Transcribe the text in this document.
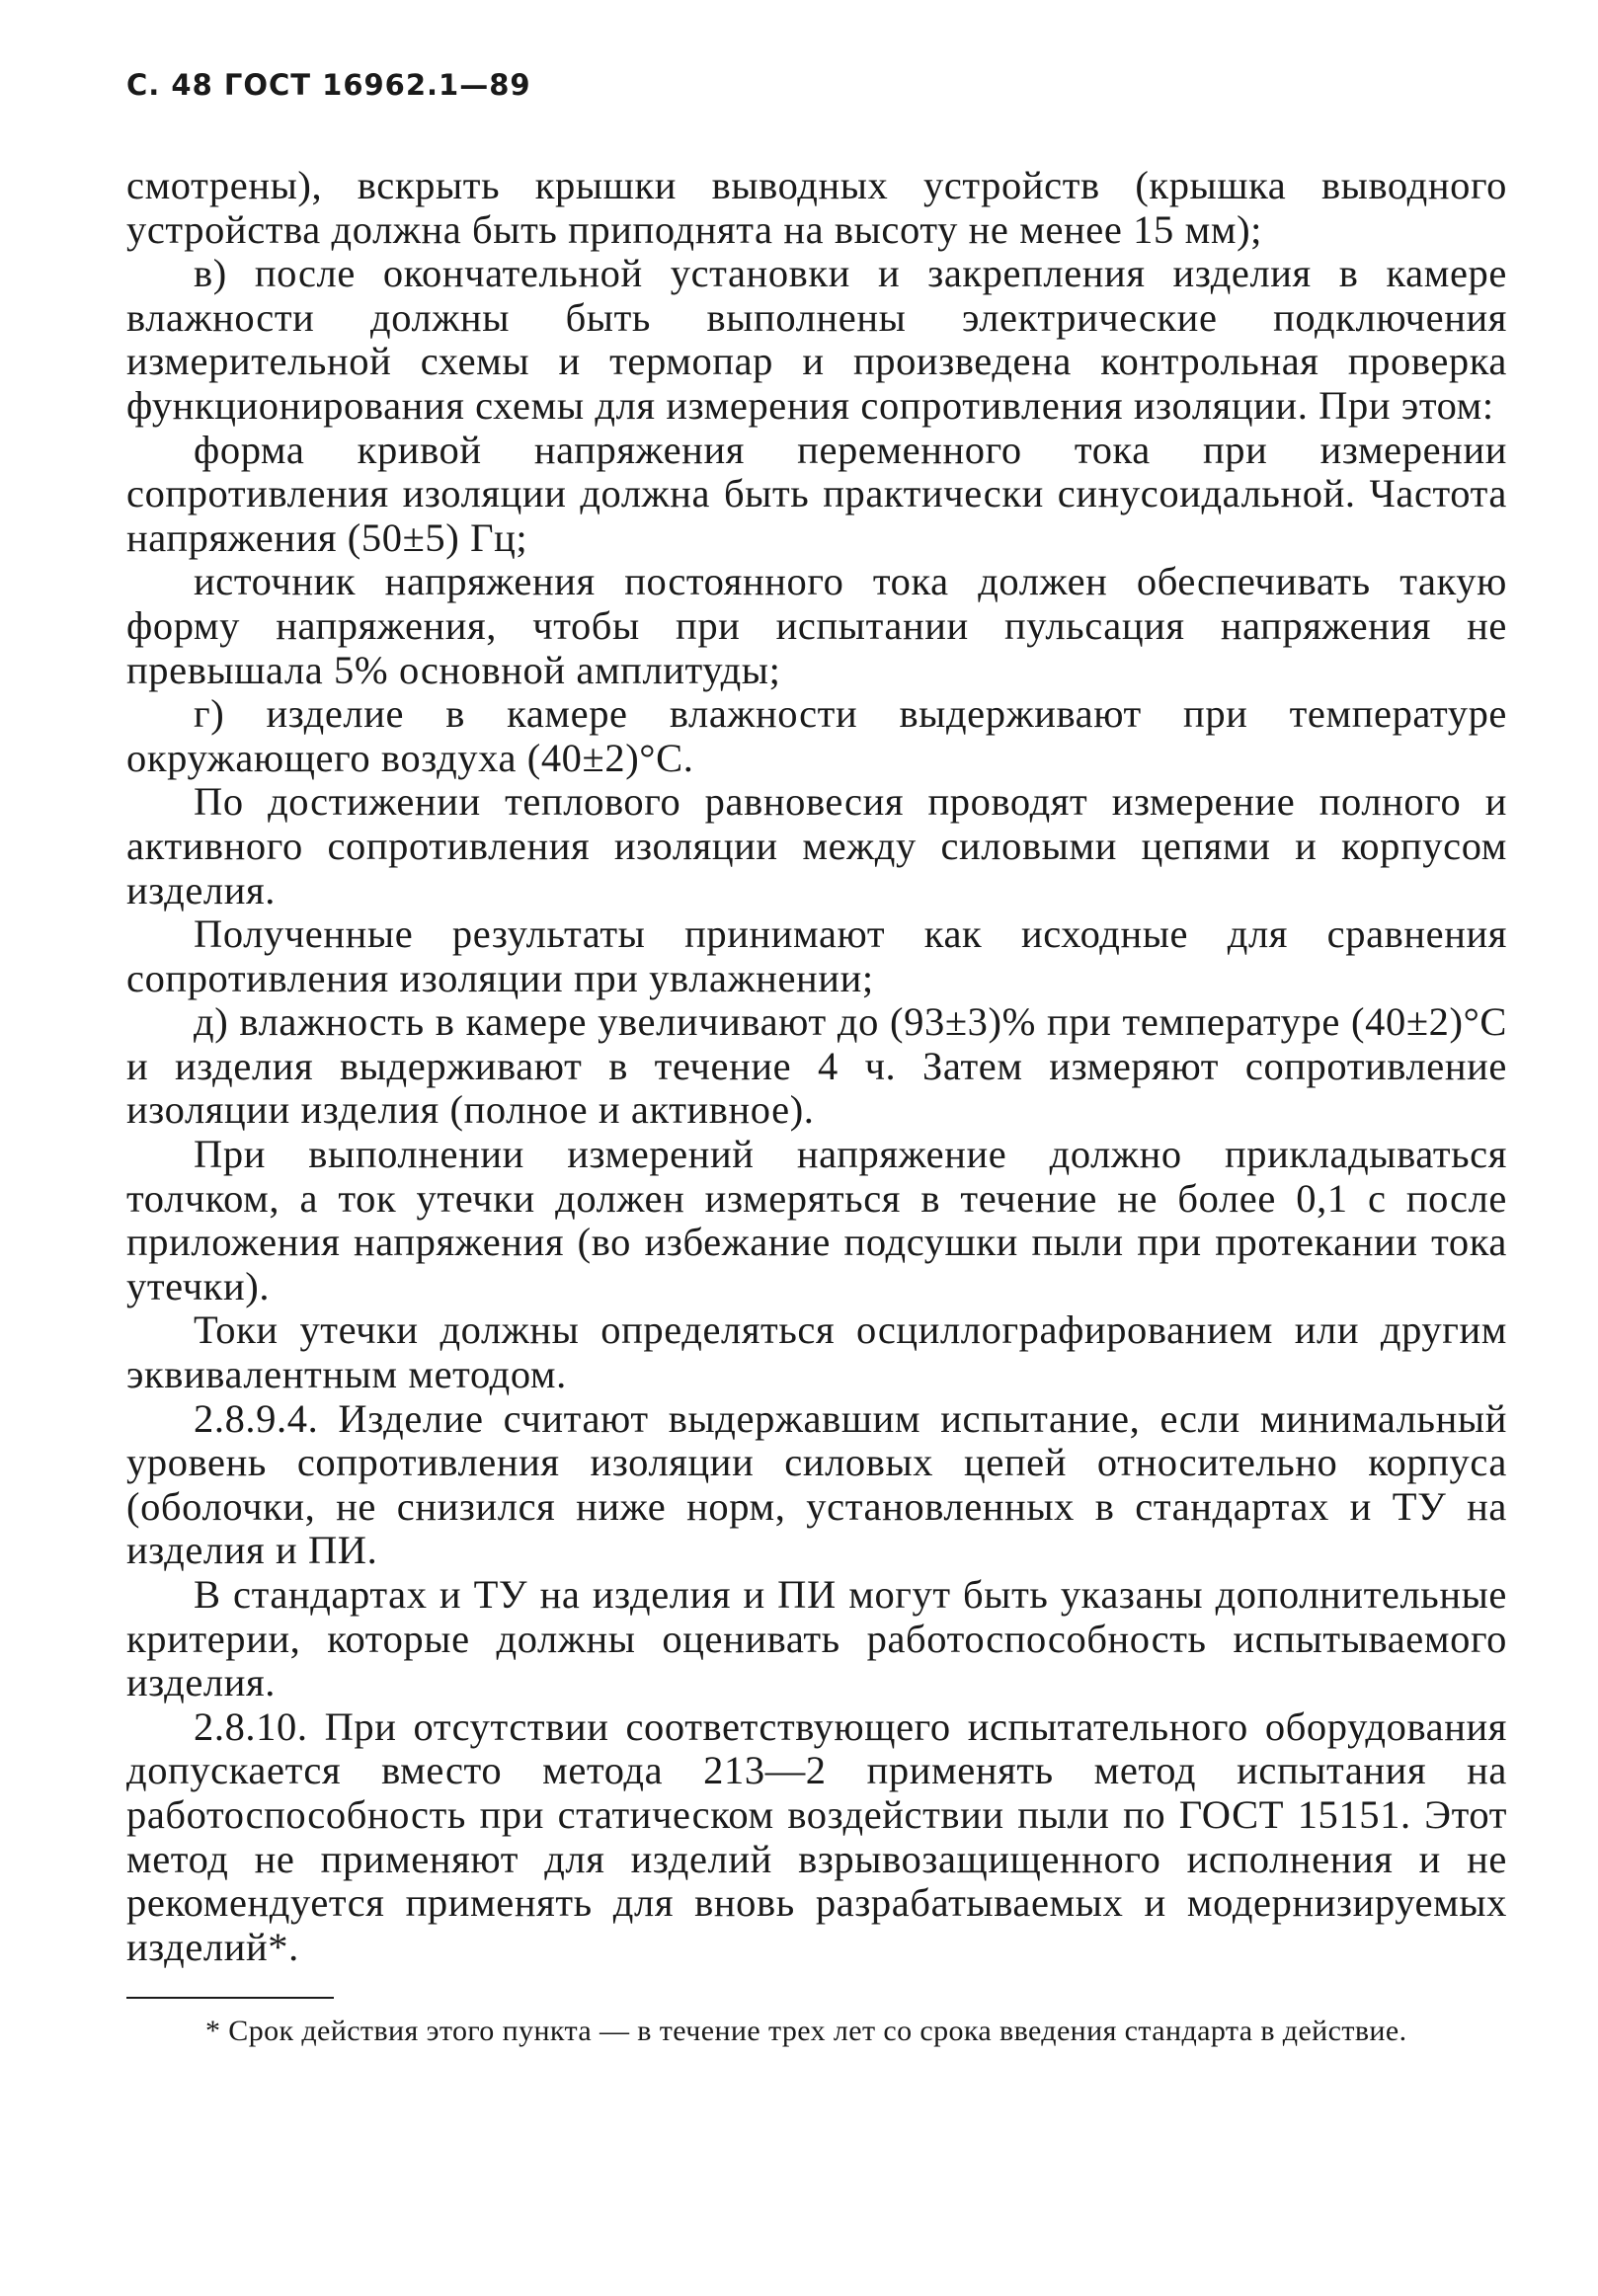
С. 48 ГОСТ 16962.1—89

смотрены), вскрыть крышки выводных устройств (крышка выводного устройства должна быть приподнята на высоту не менее 15 мм);

в) после окончательной установки и закрепления изделия в камере влажности должны быть выполнены электрические подключения измерительной схемы и термопар и произведена контрольная проверка функционирования схемы для измерения сопротивления изоляции. При этом:

форма кривой напряжения переменного тока при измерении сопротивления изоляции должна быть практически синусоидальной. Частота напряжения (50±5) Гц;

источник напряжения постоянного тока должен обеспечивать такую форму напряжения, чтобы при испытании пульсация напряжения не превышала 5% основной амплитуды;

г) изделие в камере влажности выдерживают при температуре окружающего воздуха (40±2)°С.

По достижении теплового равновесия проводят измерение полного и активного сопротивления изоляции между силовыми цепями и корпусом изделия.

Полученные результаты принимают как исходные для сравнения сопротивления изоляции при увлажнении;

д) влажность в камере увеличивают до (93±3)% при температуре (40±2)°С и изделия выдерживают в течение 4 ч. Затем измеряют сопротивление изоляции изделия (полное и активное).

При выполнении измерений напряжение должно прикладываться толчком, а ток утечки должен измеряться в течение не более 0,1 с после приложения напряжения (во избежание подсушки пыли при протекании тока утечки).

Токи утечки должны определяться осциллографированием или другим эквивалентным методом.

2.8.9.4. Изделие считают выдержавшим испытание, если минимальный уровень сопротивления изоляции силовых цепей относительно корпуса (оболочки, не снизился ниже норм, установленных в стандартах и ТУ на изделия и ПИ.

В стандартах и ТУ на изделия и ПИ могут быть указаны дополнительные критерии, которые должны оценивать работоспособность испытываемого изделия.

2.8.10. При отсутствии соответствующего испытательного оборудования допускается вместо метода 213—2 применять метод испытания на работоспособность при статическом воздействии пыли по ГОСТ 15151. Этот метод не применяют для изделий взрывозащищенного исполнения и не рекомендуется применять для вновь разрабатываемых и модернизируемых изделий*.

* Срок действия этого пункта — в течение трех лет со срока введения стандарта в действие.
